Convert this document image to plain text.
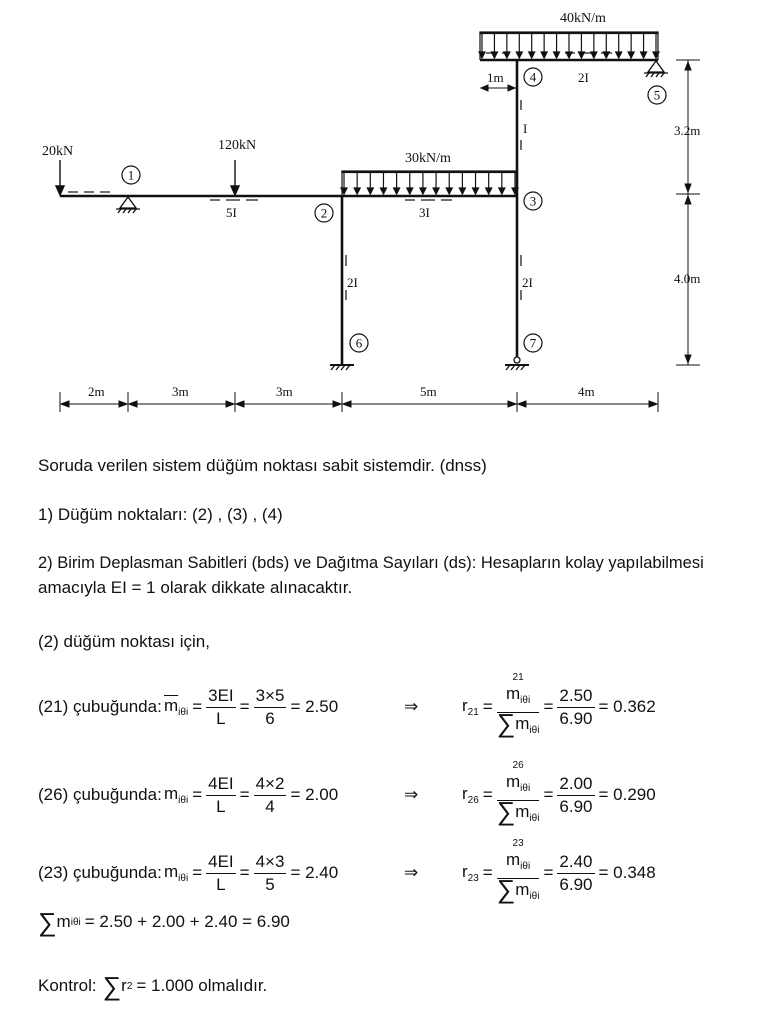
20kN	120kN
30kN/m
40kN/m
5I	3I
2I	2I
I
2I
1
2
3
4
5
6	7
1m
3.2m
4.0m
2m	3m	3m	5m	4m
Soruda verilen sistem düğüm noktası sabit sistemdir. (dnss)
1) Düğüm noktaları: (2) , (3) , (4)
2) Birim Deplasman Sabitleri (bds) ve Dağıtma Sayıları (ds): Hesapların kolay yapılabilmesi
amacıyla EI = 1 olarak dikkate alınacaktır.
(2) düğüm noktası için,
(21) çubuğunda: $\overline{m}_{i\theta i} = \frac{3EI}{L} = \frac{3\times 5}{6} = 2.50$	⇒	$r_{21} = 21$
$m_{i\theta i}$
$\sum m_{i\theta i} = \frac{2.50}{6.90} = 0.362$
(26) çubuğunda: $m_{i\theta i} = \frac{4EI}{L} = \frac{4\times 2}{4} = 2.00$	⇒	$r_{26} = 26$
$m_{i\theta i}$
$\sum m_{i\theta i} = \frac{2.00}{6.90} = 0.290$
(23) çubuğunda: $m_{i\theta i} = \frac{4EI}{L} = \frac{4\times 3}{5} = 2.40$	⇒	$r_{23} = 23$
$m_{i\theta i}$
$\sum m_{i\theta i} = \frac{2.40}{6.90} = 0.348$
∑ m iθi = 2.50 + 2.00 + 2.40 = 6.90
Kontrol: ∑ r 2 = 1.000 olmalıdır.
